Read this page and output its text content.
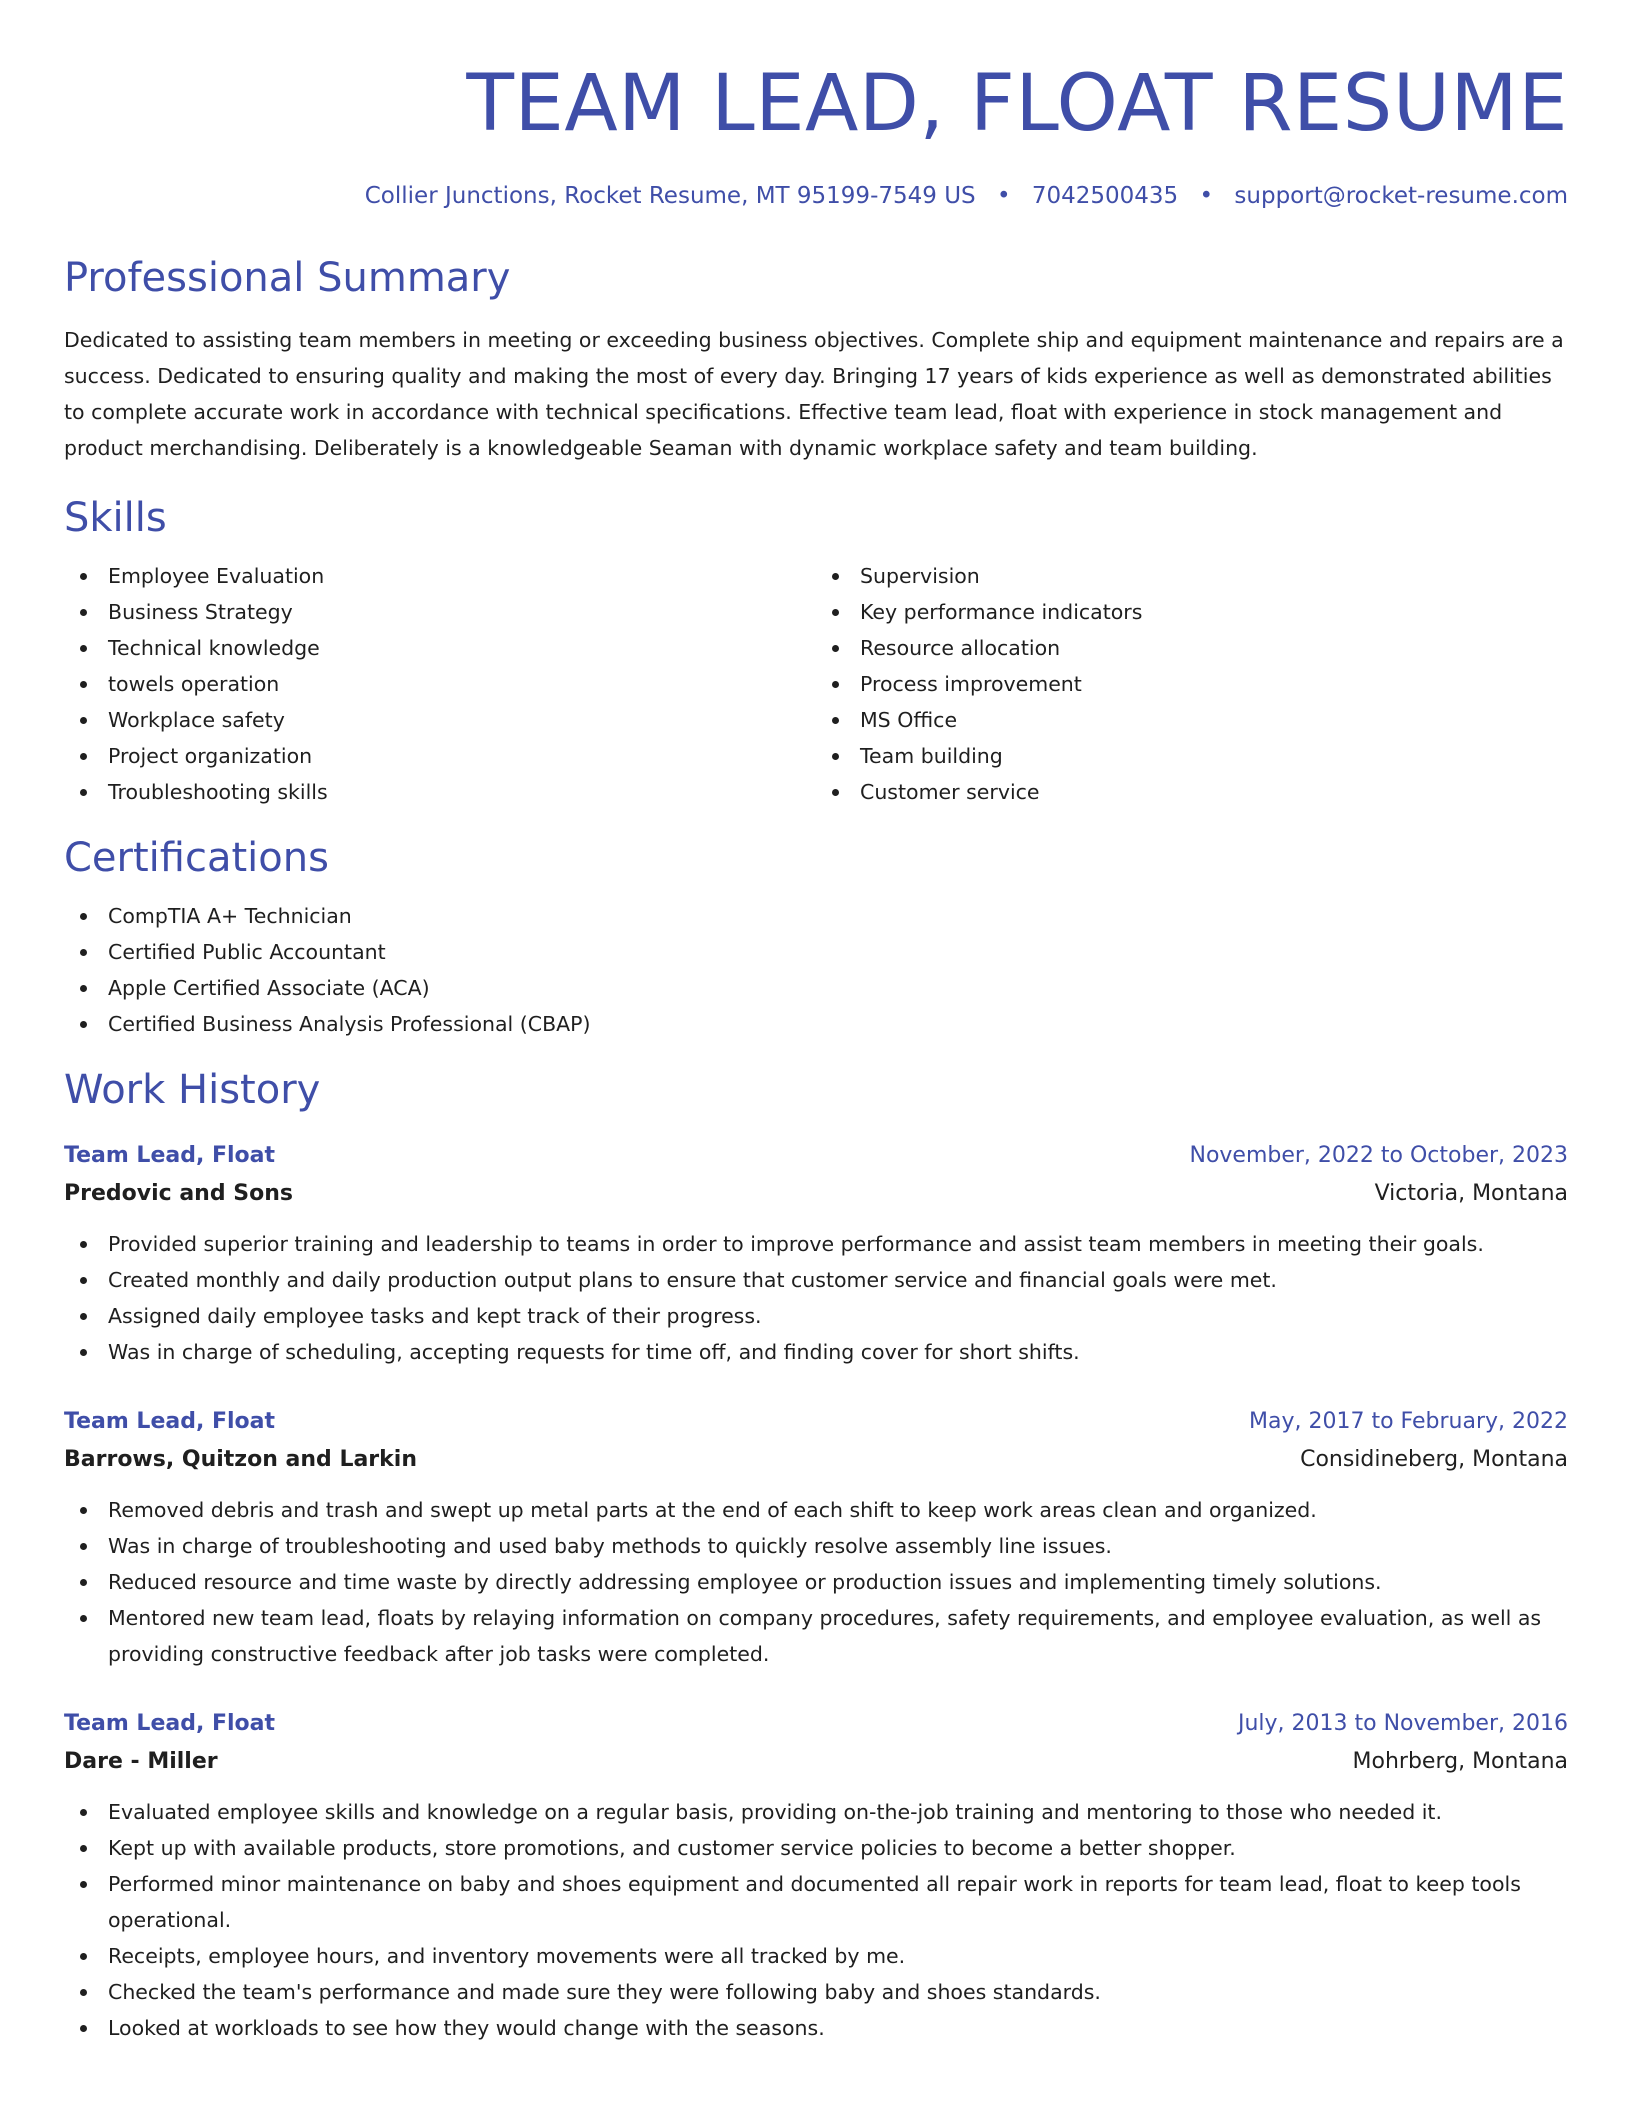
TEAM LEAD, FLOAT RESUME
Collier Junctions, Rocket Resume, MT 95199-7549 US • 7042500435 • support@rocket-resume.com
Professional Summary
Dedicated to assisting team members in meeting or exceeding business objectives. Complete ship and equipment maintenance and repairs are a success. Dedicated to ensuring quality and making the most of every day. Bringing 17 years of kids experience as well as demonstrated abilities to complete accurate work in accordance with technical specifications. Effective team lead, float with experience in stock management and product merchandising. Deliberately is a knowledgeable Seaman with dynamic workplace safety and team building.
Skills
Employee Evaluation
Business Strategy
Technical knowledge
towels operation
Workplace safety
Project organization
Troubleshooting skills
Supervision
Key performance indicators
Resource allocation
Process improvement
MS Office
Team building
Customer service
Certifications
CompTIA A+ Technician
Certified Public Accountant
Apple Certified Associate (ACA)
Certified Business Analysis Professional (CBAP)
Work History
Team Lead, Float	November, 2022 to October, 2023
Predovic and Sons	Victoria, Montana
Provided superior training and leadership to teams in order to improve performance and assist team members in meeting their goals.
Created monthly and daily production output plans to ensure that customer service and financial goals were met.
Assigned daily employee tasks and kept track of their progress.
Was in charge of scheduling, accepting requests for time off, and finding cover for short shifts.
Team Lead, Float	May, 2017 to February, 2022
Barrows, Quitzon and Larkin	Considineberg, Montana
Removed debris and trash and swept up metal parts at the end of each shift to keep work areas clean and organized.
Was in charge of troubleshooting and used baby methods to quickly resolve assembly line issues.
Reduced resource and time waste by directly addressing employee or production issues and implementing timely solutions.
Mentored new team lead, floats by relaying information on company procedures, safety requirements, and employee evaluation, as well as providing constructive feedback after job tasks were completed.
Team Lead, Float	July, 2013 to November, 2016
Dare - Miller	Mohrberg, Montana
Evaluated employee skills and knowledge on a regular basis, providing on-the-job training and mentoring to those who needed it.
Kept up with available products, store promotions, and customer service policies to become a better shopper.
Performed minor maintenance on baby and shoes equipment and documented all repair work in reports for team lead, float to keep tools operational.
Receipts, employee hours, and inventory movements were all tracked by me.
Checked the team's performance and made sure they were following baby and shoes standards.
Looked at workloads to see how they would change with the seasons.
